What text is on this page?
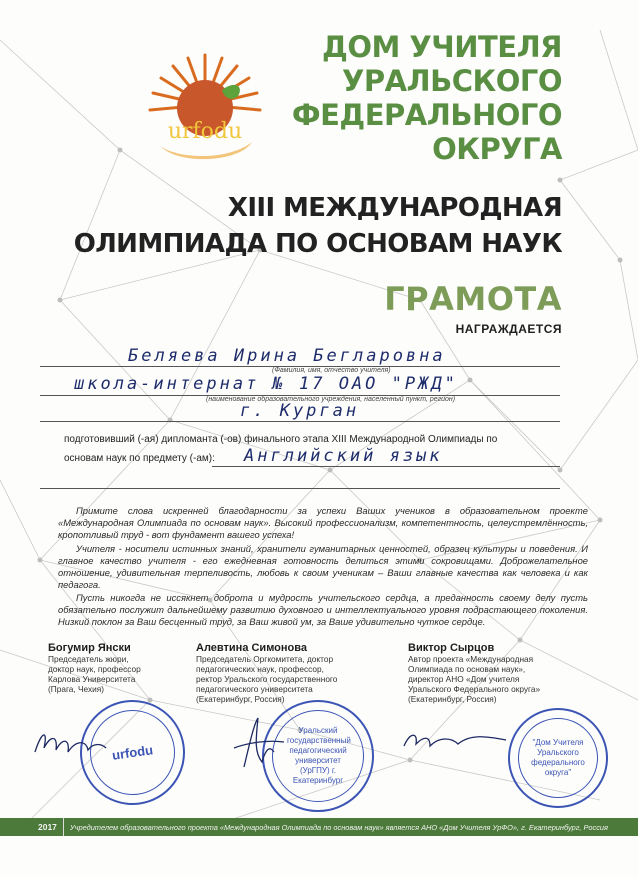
urfodu
ДОМ УЧИТЕЛЯ
УРАЛЬСКОГО
ФЕДЕРАЛЬНОГО
ОКРУГА
XIII МЕЖДУНАРОДНАЯ
ОЛИМПИАДА ПО ОСНОВАМ НАУК
ГРАМОТА
НАГРАЖДАЕТСЯ
Беляева Ирина Бегларовна
(Фамилия, имя, отчество учителя)
школа-интернат № 17 ОАО "РЖД"
(наименование образовательного учреждения, населенный пункт, регион)
г. Курган
подготовивший (-ая) дипломанта (-ов) финального этапа XIII Международной Олимпиады по
основам наук по предмету (-ам): Английский язык
Примите слова искренней благодарности за успехи Ваших учеников в образовательном проекте «Международная Олимпиада по основам наук». Высокий профессионализм, компетентность, целеустремлённость, кропотливый труд - вот фундамент вашего успеха!
Учителя - носители истинных знаний, хранители гуманитарных ценностей, образец культуры и поведения. И главное качество учителя - его ежедневная готовность делиться этими сокровищами. Доброжелательное отношение, удивительная терпеливость, любовь к своим ученикам – Ваши главные качества как человека и как педагога.
Пусть никогда не иссякнет доброта и мудрость учительского сердца, а преданность своему делу пусть обязательно послужит дальнейшему развитию духовного и интеллектуального уровня подрастающего поколения. Низкий поклон за Ваш бесценный труд, за Ваш живой ум, за Ваше удивительно чуткое сердце.
Богумир Янски
Председатель жюри,
доктор наук, профессор
Карлова Университета
(Прага, Чехия)
Алевтина Симонова
Председатель Оргкомитета, доктор
педагогических наук, профессор,
ректор Уральского государственного
педагогического университета
(Екатеринбург, Россия)
Виктор Сырцов
Автор проекта «Международная
Олимпиада по основам наук»,
директор АНО «Дом учителя
Уральского Федерального округа»
(Екатеринбург, Россия)
urfodu
Уральский государственный педагогический университет (УрГПУ) г. Екатеринбург
"Дом Учителя Уральского федерального округа"
2017 Учредителем образовательного проекта «Международная Олимпиада по основам наук» является АНО «Дом Учителя УрФО», г. Екатеринбург, Россия
